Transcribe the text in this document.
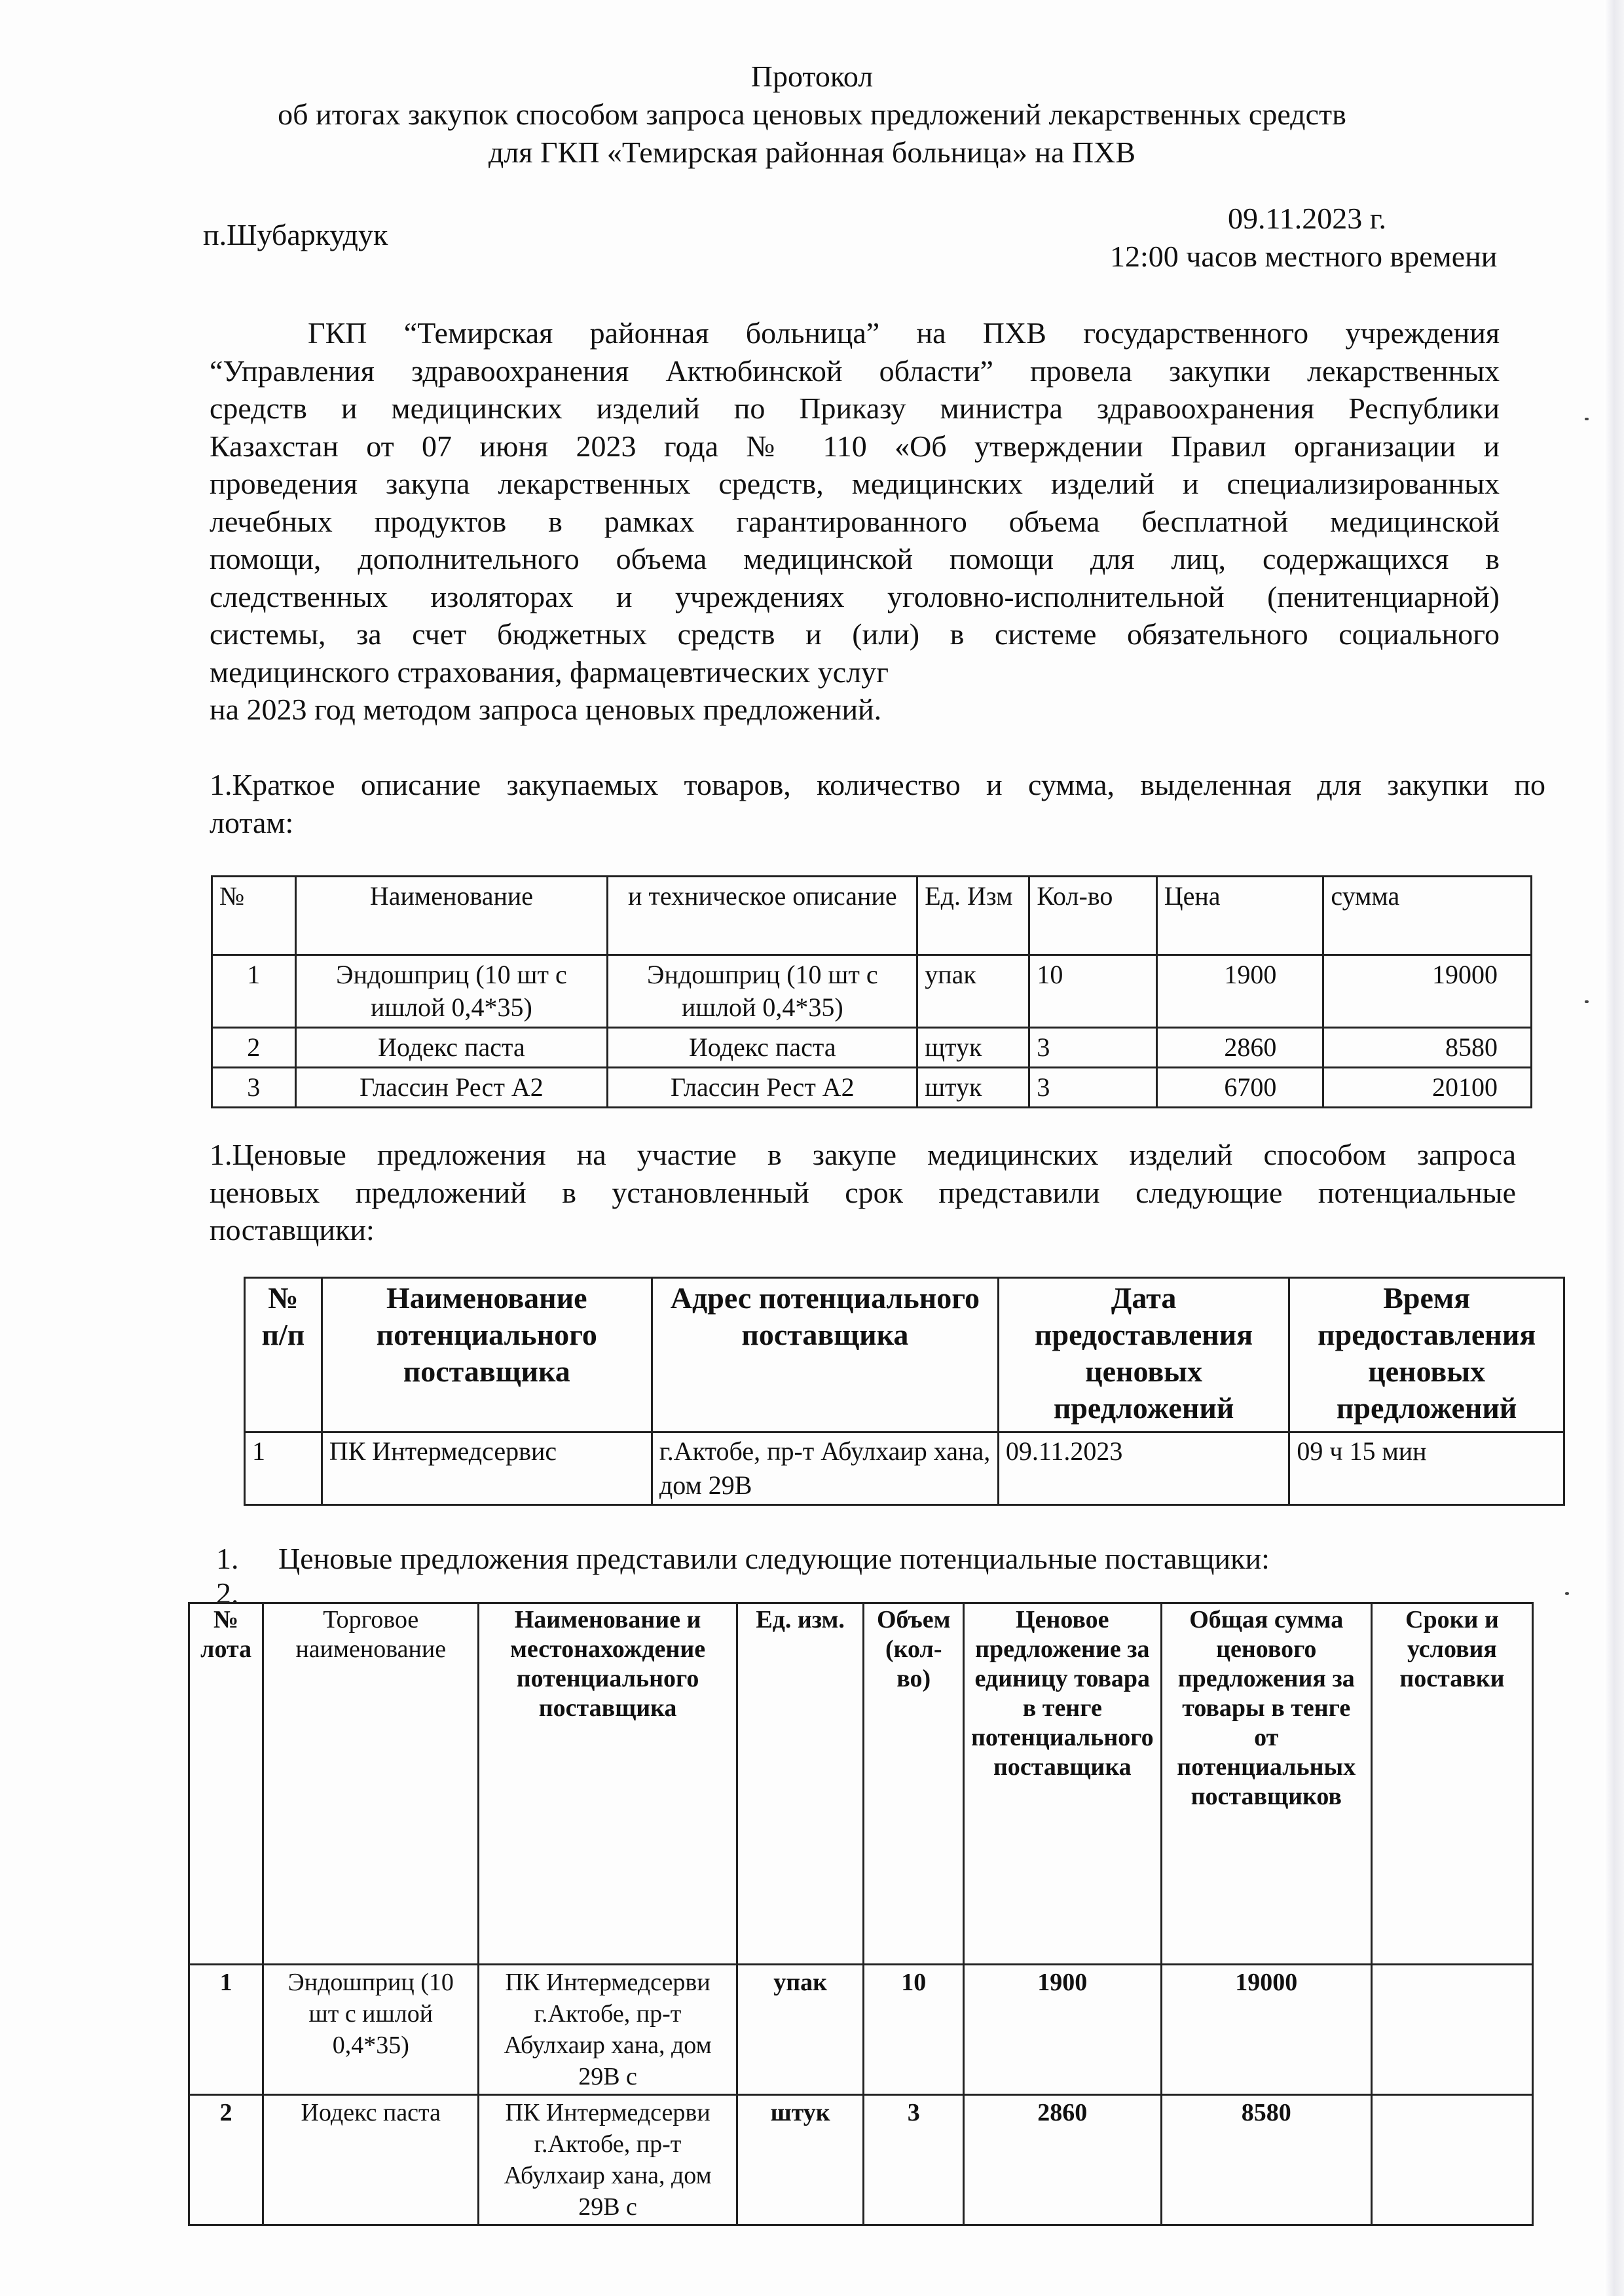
Протокол
об итогах закупок способом запроса ценовых предложений лекарственных средств
для ГКП «Темирская районная больница» на ПХВ
п.Шубаркудук	09.11.2023 г.
12:00 часов местного времени
ГКП “Темирская районная больница” на ПХВ государственного учреждения
“Управления здравоохранения Актюбинской области” провела закупки лекарственных
средств и медицинских изделий по Приказу министра здравоохранения Республики
Казахстан от 07 июня 2023 года № 110 «Об утверждении Правил организации и
проведения закупа лекарственных средств, медицинских изделий и специализированных
лечебных продуктов в рамках гарантированного объема бесплатной медицинской
помощи, дополнительного объема медицинской помощи для лиц, содержащихся в
следственных изоляторах и учреждениях уголовно-исполнительной (пенитенциарной)
системы, за счет бюджетных средств и (или) в системе обязательного социального
медицинского страхования, фармацевтических услуг
на 2023 год методом запроса ценовых предложений.
1.Краткое описание закупаемых товаров, количество и сумма, выделенная для закупки по
лотам:
№	Наименование	и техническое описание	Ед. Изм	Кол-во	Цена	сумма
1	Эндошприц (10 шт с ишлой 0,4*35)	Эндошприц (10 шт с ишлой 0,4*35)	упак	10	1900	19000
2	Иодекс паста	Иодекс паста	щтук	3	2860	8580
3	Глассин Рест А2	Глассин Рест А2	штук	3	6700	20100
1.Ценовые предложения на участие в закупе медицинских изделий способом запроса
ценовых предложений в установленный срок представили следующие потенциальные
поставщики:
№ п/п	Наименование потенциального поставщика	Адрес потенциального поставщика	Дата предоставления ценовых предложений	Время предоставления ценовых предложений
1	ПК Интермедсервис	г.Актобе, пр-т Абулхаир хана, дом 29В	09.11.2023	09 ч 15 мин
1. Ценовые предложения представили следующие потенциальные поставщики:
2.
№ лота	Торговое наименование	Наименование и местонахождение потенциального поставщика	Ед. изм.	Объем (кол-во)	Ценовое предложение за единицу товара в тенге потенциального поставщика	Общая сумма ценового предложения за товары в тенге от потенциальных поставщиков	Сроки и условия поставки
1	Эндошприц (10 шт с ишлой 0,4*35)	ПК Интермедсерви г.Актобе, пр-т Абулхаир хана, дом 29В с	упак	10	1900	19000	
2	Иодекс паста	ПК Интермедсерви г.Актобе, пр-т Абулхаир хана, дом 29В с	штук	3	2860	8580	
